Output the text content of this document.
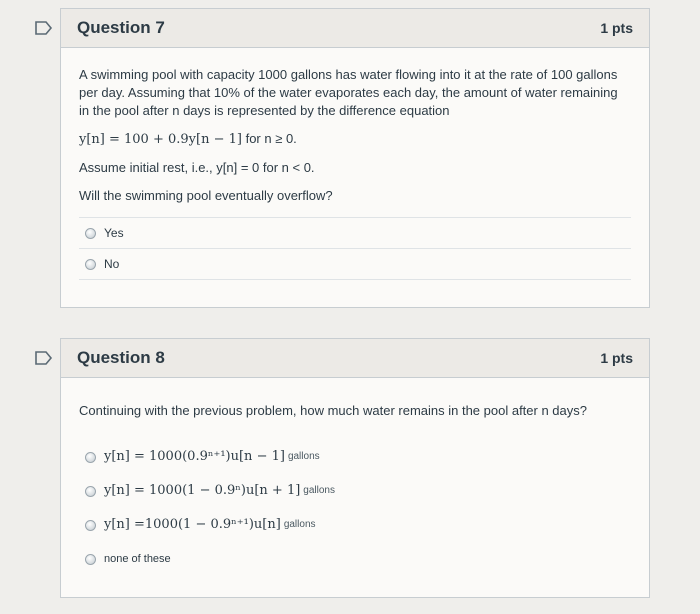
Question 7	1 pts

A swimming pool with capacity 1000 gallons has water flowing into it at the rate of 100 gallons per day. Assuming that 10% of the water evaporates each day, the amount of water remaining in the pool after n days is represented by the difference equation

y[n] = 100 + 0.9y[n − 1] for n ≥ 0.

Assume initial rest, i.e., y[n] = 0 for n < 0.

Will the swimming pool eventually overflow?

Yes
No
Question 8	1 pts

Continuing with the previous problem, how much water remains in the pool after n days?

y[n] = 1000(0.9ⁿ⁺¹)u[n − 1] gallons
y[n] = 1000(1 − 0.9ⁿ)u[n + 1] gallons
y[n] =1000(1 − 0.9ⁿ⁺¹)u[n] gallons
none of these
